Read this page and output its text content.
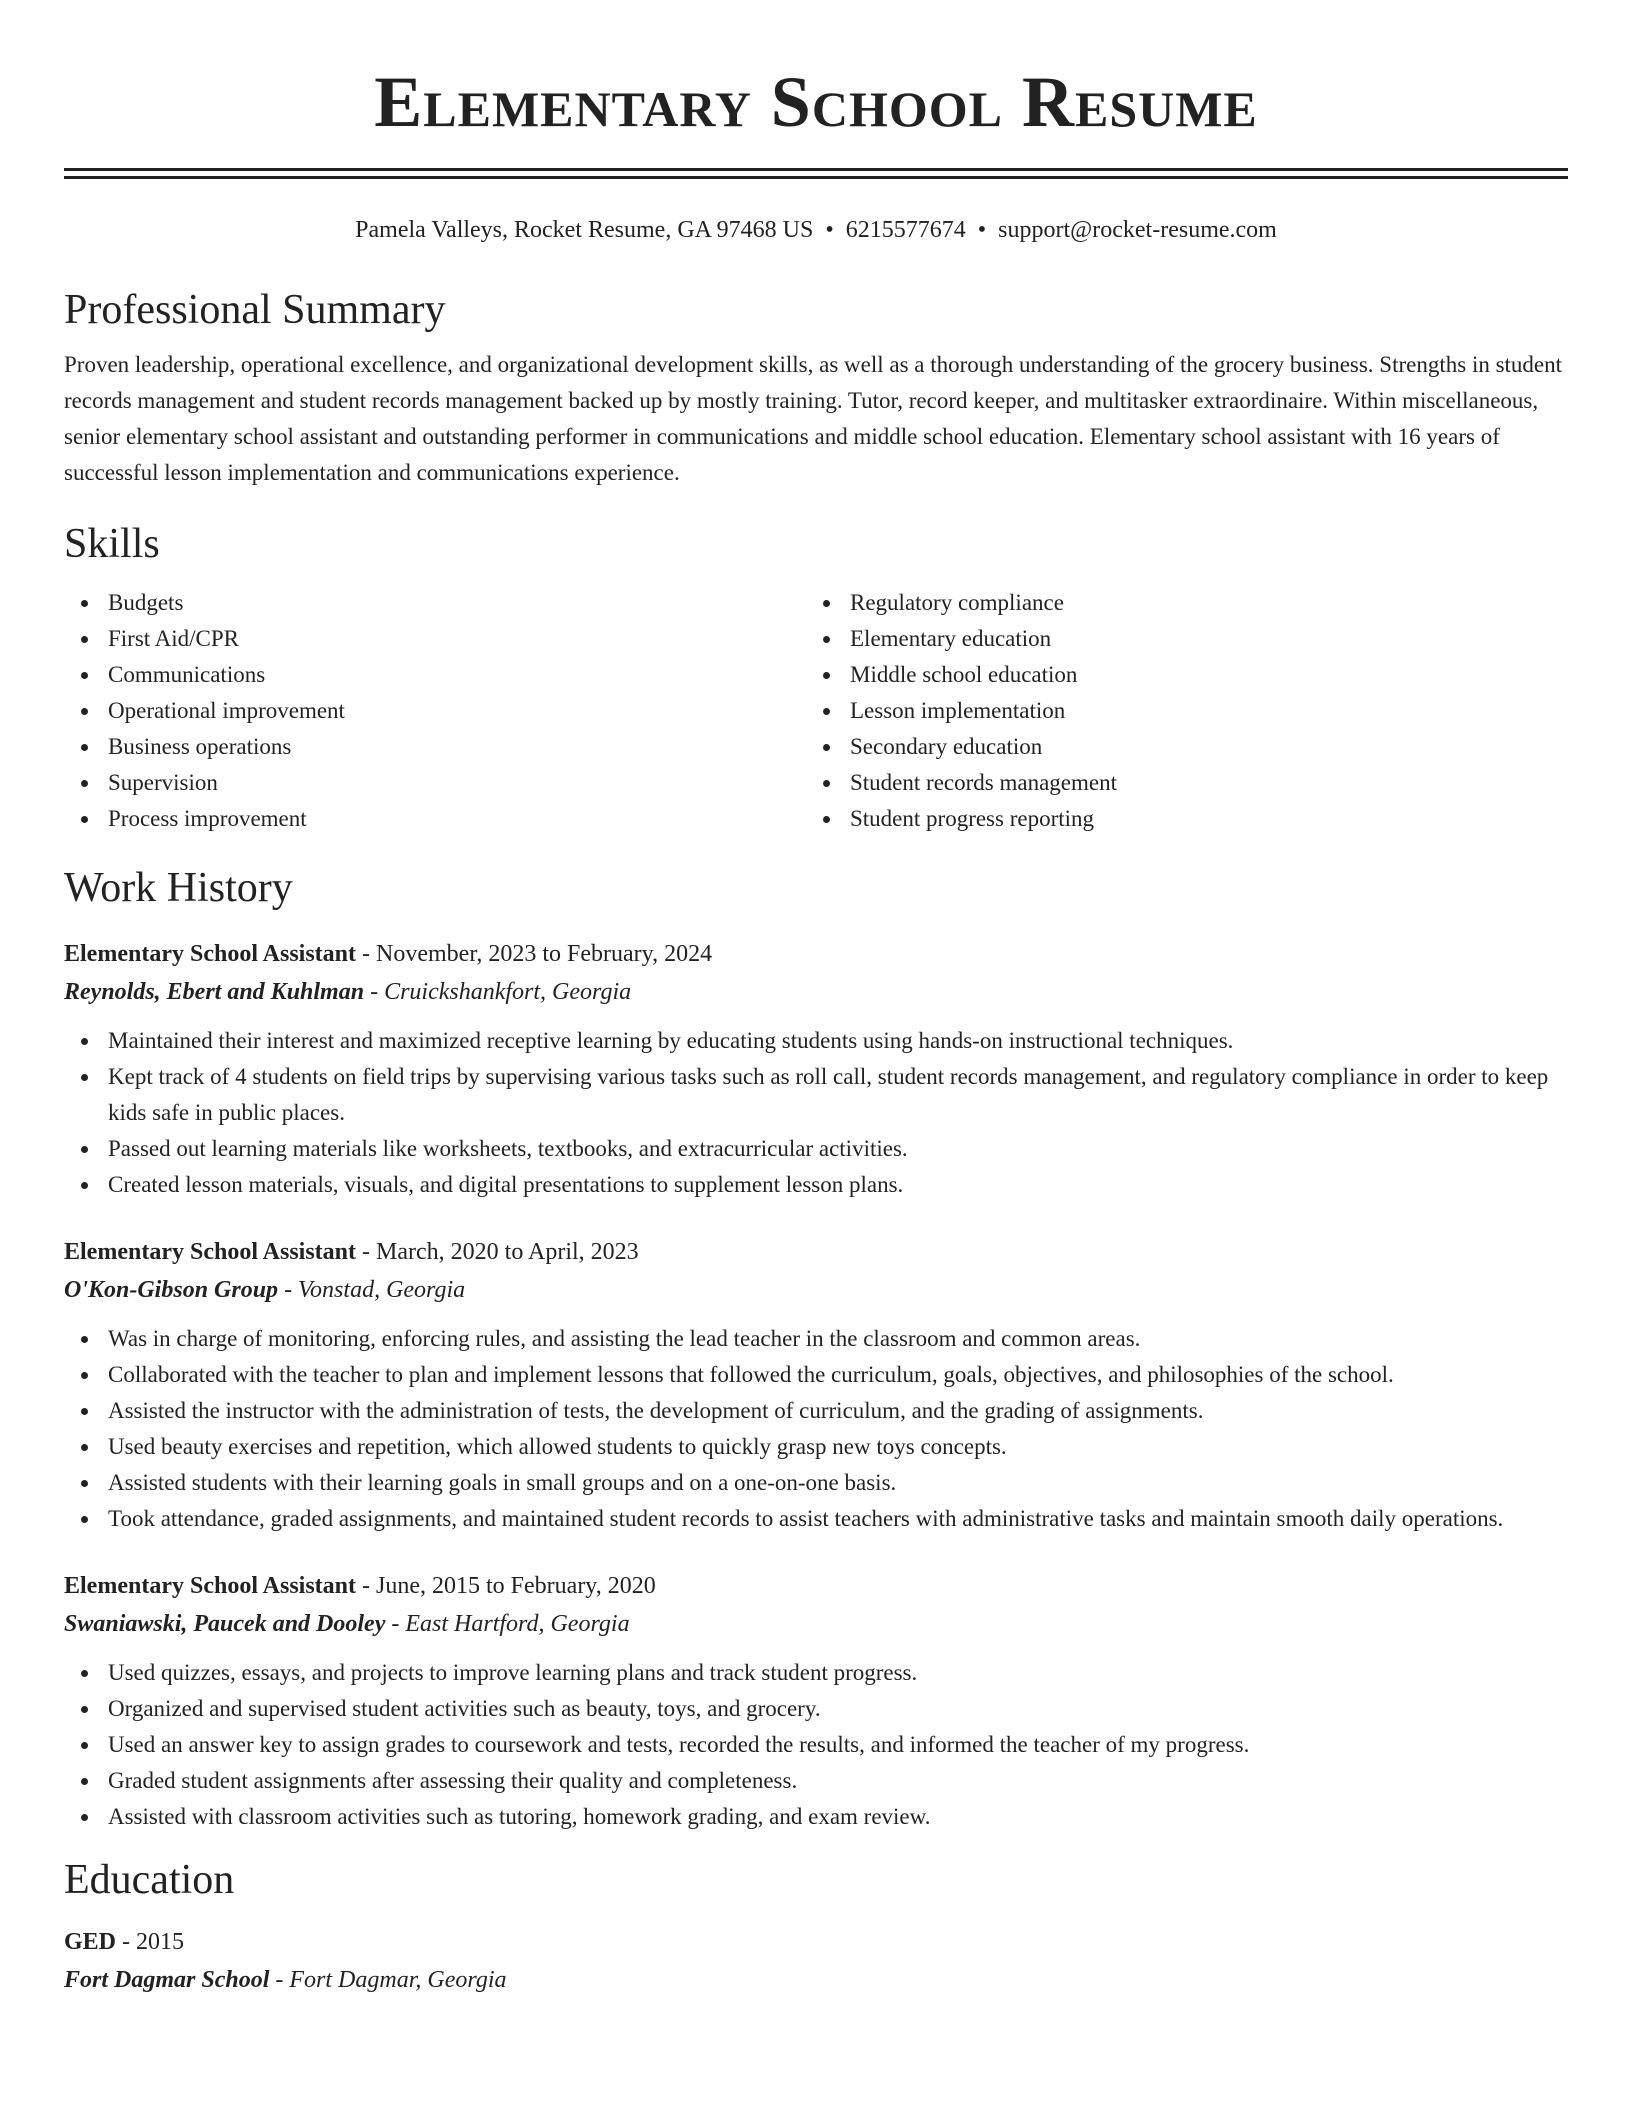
Elementary School Resume
Pamela Valleys, Rocket Resume, GA 97468 US • 6215577674 • support@rocket-resume.com
Professional Summary

Proven leadership, operational excellence, and organizational development skills, as well as a thorough understanding of the grocery business. Strengths in student records management and student records management backed up by mostly training. Tutor, record keeper, and multitasker extraordinaire. Within miscellaneous, senior elementary school assistant and outstanding performer in communications and middle school education. Elementary school assistant with 16 years of successful lesson implementation and communications experience.

Skills
Budgets
First Aid/CPR
Communications
Operational improvement
Business operations
Supervision
Process improvement
Regulatory compliance
Elementary education
Middle school education
Lesson implementation
Secondary education
Student records management
Student progress reporting
Work History
Elementary School Assistant - November, 2023 to February, 2024
Reynolds, Ebert and Kuhlman - Cruickshankfort, Georgia
Maintained their interest and maximized receptive learning by educating students using hands-on instructional techniques.
Kept track of 4 students on field trips by supervising various tasks such as roll call, student records management, and regulatory compliance in order to keep kids safe in public places.
Passed out learning materials like worksheets, textbooks, and extracurricular activities.
Created lesson materials, visuals, and digital presentations to supplement lesson plans.
Elementary School Assistant - March, 2020 to April, 2023
O'Kon-Gibson Group - Vonstad, Georgia
Was in charge of monitoring, enforcing rules, and assisting the lead teacher in the classroom and common areas.
Collaborated with the teacher to plan and implement lessons that followed the curriculum, goals, objectives, and philosophies of the school.
Assisted the instructor with the administration of tests, the development of curriculum, and the grading of assignments.
Used beauty exercises and repetition, which allowed students to quickly grasp new toys concepts.
Assisted students with their learning goals in small groups and on a one-on-one basis.
Took attendance, graded assignments, and maintained student records to assist teachers with administrative tasks and maintain smooth daily operations.
Elementary School Assistant - June, 2015 to February, 2020
Swaniawski, Paucek and Dooley - East Hartford, Georgia
Used quizzes, essays, and projects to improve learning plans and track student progress.
Organized and supervised student activities such as beauty, toys, and grocery.
Used an answer key to assign grades to coursework and tests, recorded the results, and informed the teacher of my progress.
Graded student assignments after assessing their quality and completeness.
Assisted with classroom activities such as tutoring, homework grading, and exam review.
Education
GED - 2015
Fort Dagmar School - Fort Dagmar, Georgia
